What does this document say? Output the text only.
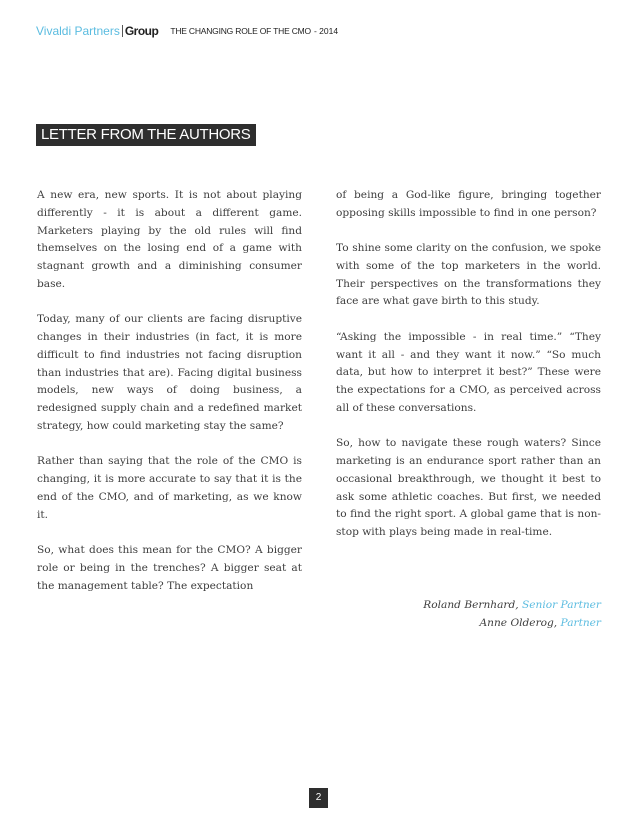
Vivaldi Partners Group THE CHANGING ROLE OF THE CMO - 2014
LETTER FROM THE AUTHORS

A new era, new sports. It is not about playing differently - it is about a different game. Marketers playing by the old rules will find themselves on the losing end of a game with stagnant growth and a diminishing consumer base.

Today, many of our clients are facing disruptive changes in their industries (in fact, it is more difficult to find industries not facing disruption than industries that are). Facing digital business models, new ways of doing business, a redesigned supply chain and a redefined market strategy, how could marketing stay the same?

Rather than saying that the role of the CMO is changing, it is more accurate to say that it is the end of the CMO, and of marketing, as we know it.

So, what does this mean for the CMO? A bigger role or being in the trenches? A bigger seat at the management table? The expectation

of being a God-like figure, bringing together opposing skills impossible to find in one person?

To shine some clarity on the confusion, we spoke with some of the top marketers in the world. Their perspectives on the transformations they face are what gave birth to this study.

“Asking the impossible - in real time.” “They want it all - and they want it now.” “So much data, but how to interpret it best?” These were the expectations for a CMO, as perceived across all of these conversations.

So, how to navigate these rough waters? Since marketing is an endurance sport rather than an occasional breakthrough, we thought it best to ask some athletic coaches. But first, we needed to find the right sport. A global game that is non-stop with plays being made in real-time.

Roland Bernhard, Senior Partner
Anne Olderog, Partner
2
